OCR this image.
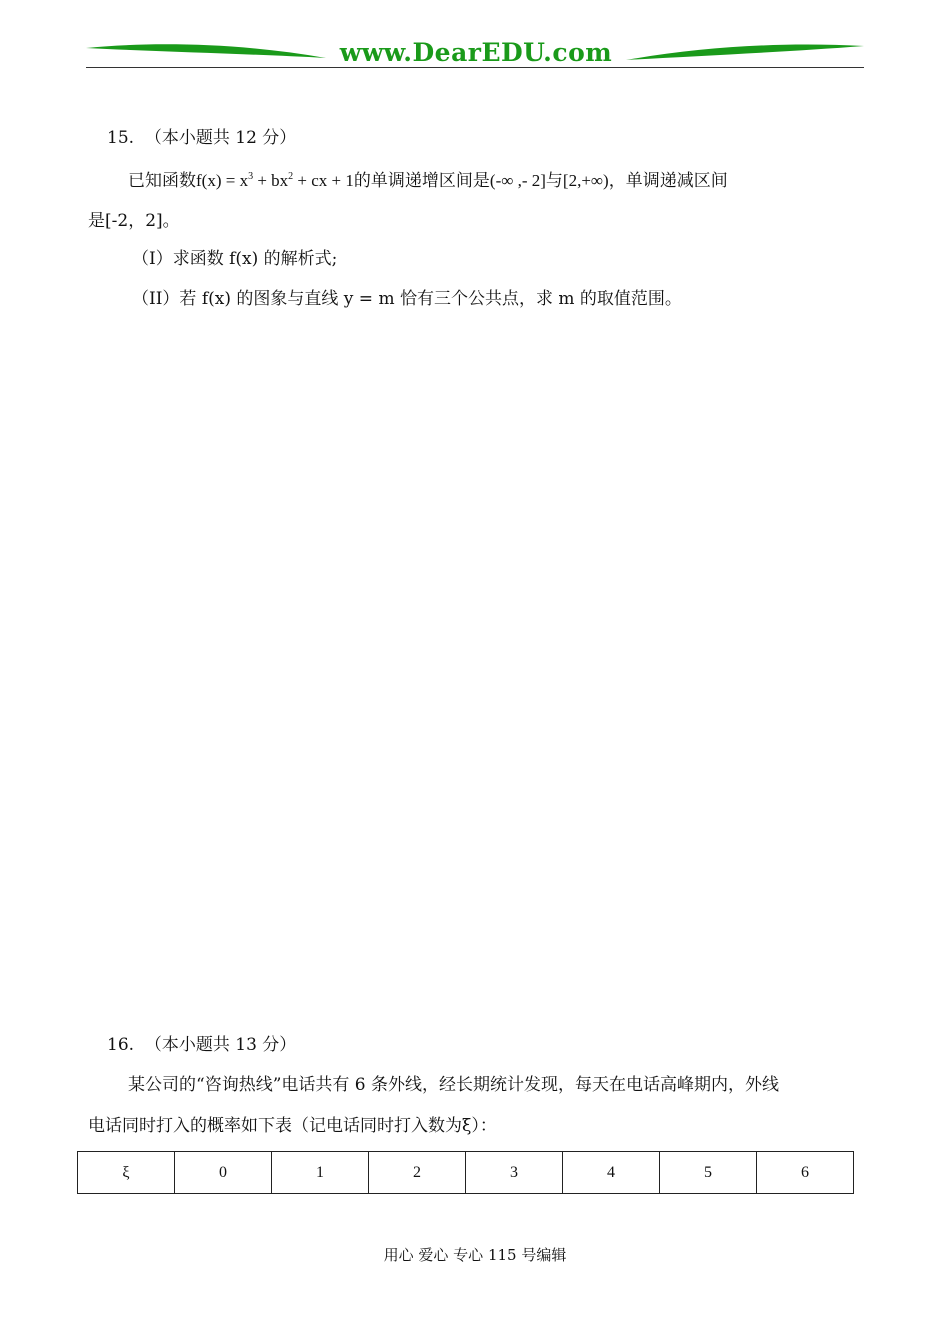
www.DearEDU.com
15. （本小题共 12 分）
已知函数$f(x) = x^3 + bx^2$ + cx + 1的单调递增区间是(-∞ ,- 2]与[2,+∞)，单调递减区间
是[-2，2]。
（I）求函数 f(x) 的解析式;
（II）若 f(x) 的图象与直线 y = m 恰有三个公共点，求 m 的取值范围。
16. （本小题共 13 分）
某公司的“咨询热线”电话共有 6 条外线，经长期统计发现，每天在电话高峰期内，外线
电话同时打入的概率如下表（记电话同时打入数为ξ）：
ξ	0	1	2	3	4	5	6
用心 爱心 专心 115 号编辑
